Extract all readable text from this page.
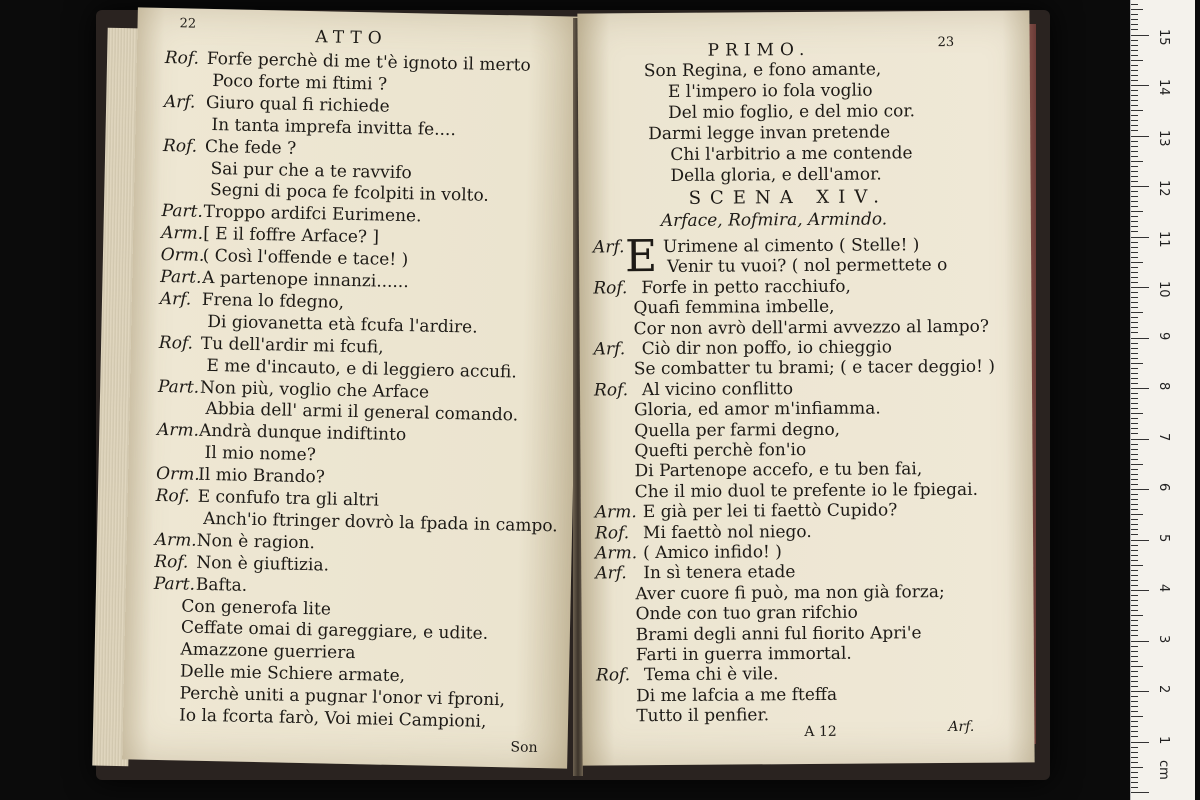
22
ATTO
Rof. Forfe perchè di me t'è ignoto il merto
Poco forte mi ftimi ?
Arf. Giuro qual fi richiede
In tanta imprefa invitta fe....
Rof. Che fede ?
Sai pur che a te ravvifo
Segni di poca fe fcolpiti in volto.
Part. Troppo ardifci Eurimene.
Arm. [ E il foffre Arface? ]
Orm.
( Così l'offende e tace! )
Part. A partenope innanzi......
Arf. Frena lo fdegno,
Di giovanetta età fcufa l'ardire.
Rof. Tu dell'ardir mi fcufi,
E me d'incauto, e di leggiero accufi.
Part. Non più, voglio che Arface
Abbia dell' armi il general comando.
Arm. Andrà dunque indiftinto
Il mio nome?
Orm.
Il mio Brando?
Rof. E confufo tra gli altri
Anch'io ftringer dovrò la fpada in campo.
Arm. Non è ragion.
Rof. Non è giuftizia.
Part. Bafta.
Con generofa lite
Ceffate omai di gareggiare, e udite.
Amazzone guerriera
Delle mie Schiere armate,
Perchè uniti a pugnar l'onor vi fproni,
Io la fcorta farò, Voi miei Campioni,
Son
PRIMO.	23
Son Regina, e fono amante,
E l'impero io fola voglio
Del mio foglio, e del mio cor.
Darmi legge invan pretende
Chi l'arbitrio a me contende
Della gloria, e dell'amor.
SCENA XIV.
Arface, Rofmira, Armindo.
E
Arf. Urimene al cimento ( Stelle! )
Venir tu vuoi? ( nol permettete o
Rof. Forfe in petto racchiufo,
Quafi femmina imbelle,
Cor non avrò dell'armi avvezzo al lampo?
Arf. Ciò dir non poffo, io chieggio
Se combatter tu brami; ( e tacer deggio! )
Rof. Al vicino conflitto
Gloria, ed amor m'infiamma.
Quella per farmi degno,
Quefti perchè fon'io
Di Partenope accefo, e tu ben fai,
Che il mio duol te prefente io le fpiegai.
Arm. E già per lei ti faettò Cupido?
Rof. Mi faettò nol niego.
Arm. ( Amico infido! )
Arf. In sì tenera etade
Aver cuore fi può, ma non già forza;
Onde con tuo gran rifchio
Brami degli anni ful fiorito Apri'e
Farti in guerra immortal.
Rof. Tema chi è vile.
Di me lafcia a me fteffa
Tutto il penfier.
A 12	Arf.
15
14
13
12
11
10
9
8
7
6
5
4
3
2
1
cm
